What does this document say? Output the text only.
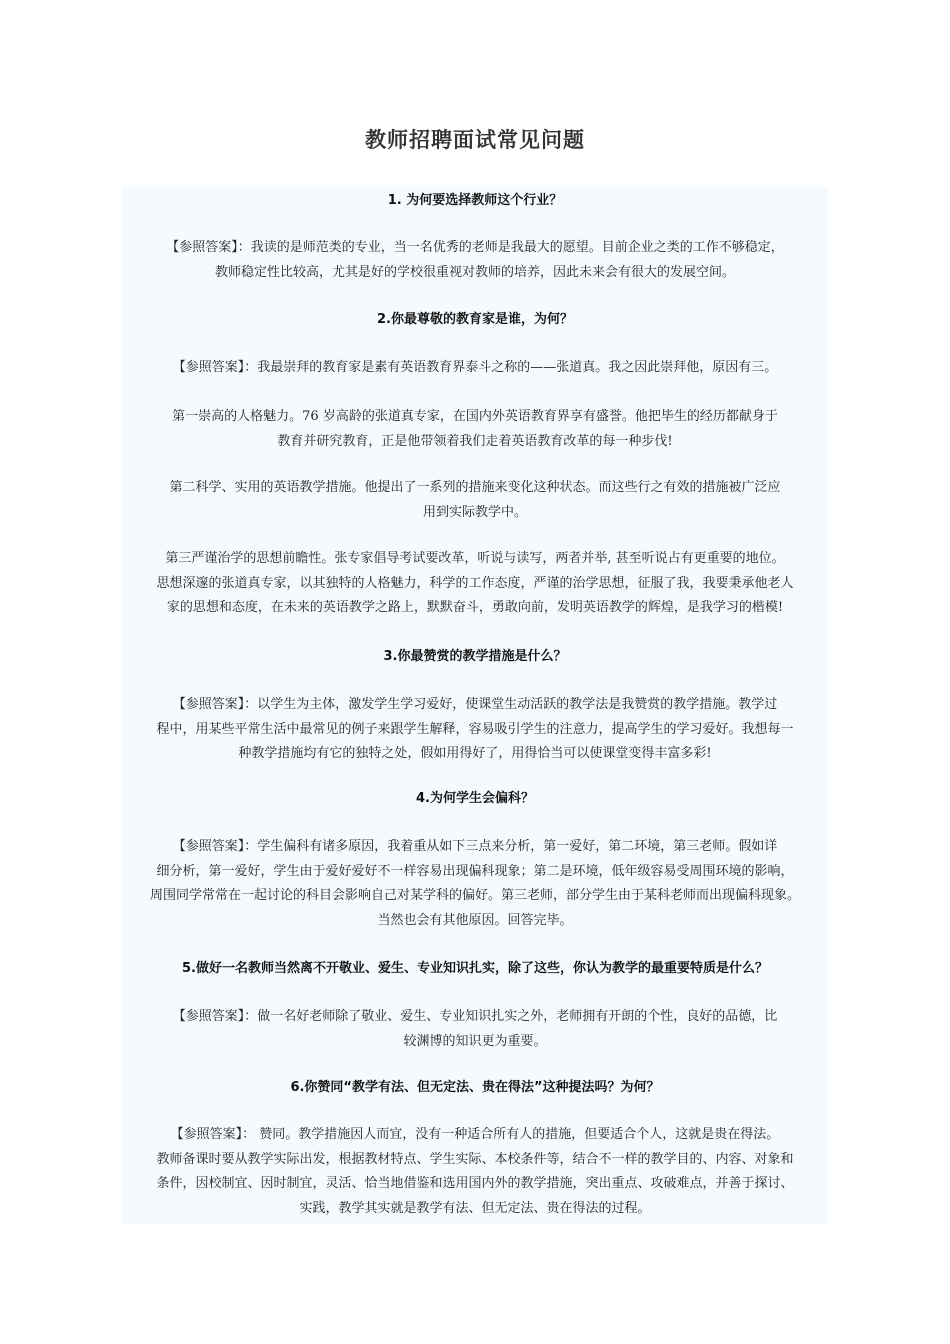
教师招聘面试常见问题
1. 为何要选择教师这个行业？
【参照答案】：我读的是师范类的专业，当一名优秀的老师是我最大的愿望。目前企业之类的工作不够稳定，
教师稳定性比较高，尤其是好的学校很重视对教师的培养，因此未来会有很大的发展空间。
2.你最尊敬的教育家是谁，为何？
【参照答案】：我最崇拜的教育家是素有英语教育界泰斗之称的——张道真。我之因此崇拜他，原因有三。
第一崇高的人格魅力。76 岁高龄的张道真专家，在国内外英语教育界享有盛誉。他把毕生的经历都献身于
教育并研究教育，正是他带领着我们走着英语教育改革的每一种步伐!
第二科学、实用的英语教学措施。他提出了一系列的措施来变化这种状态。而这些行之有效的措施被广泛应
用到实际教学中。
第三严谨治学的思想前瞻性。张专家倡导考试要改革，听说与读写，两者并举, 甚至听说占有更重要的地位。
思想深邃的张道真专家，以其独特的人格魅力，科学的工作态度，严谨的治学思想，征服了我，我要秉承他老人
家的思想和态度，在未来的英语教学之路上，默默奋斗，勇敢向前，发明英语教学的辉煌，是我学习的楷模!
3.你最赞赏的教学措施是什么？
【参照答案】：以学生为主体，激发学生学习爱好，使课堂生动活跃的教学法是我赞赏的教学措施。教学过
程中，用某些平常生活中最常见的例子来跟学生解释，容易吸引学生的注意力，提高学生的学习爱好。我想每一
种教学措施均有它的独特之处，假如用得好了，用得恰当可以使课堂变得丰富多彩!
4.为何学生会偏科？
【参照答案】：学生偏科有诸多原因，我着重从如下三点来分析，第一爱好，第二环境，第三老师。假如详
细分析，第一爱好，学生由于爱好爱好不一样容易出现偏科现象；第二是环境，低年级容易受周围环境的影响，
周围同学常常在一起讨论的科目会影响自己对某学科的偏好。第三老师，部分学生由于某科老师而出现偏科现象。
当然也会有其他原因。回答完毕。
5.做好一名教师当然离不开敬业、爱生、专业知识扎实，除了这些，你认为教学的最重要特质是什么？
【参照答案】：做一名好老师除了敬业、爱生、专业知识扎实之外，老师拥有开朗的个性，良好的品德，比
较渊博的知识更为重要。
6.你赞同“教学有法、但无定法、贵在得法”这种提法吗？为何？
【参照答案】： 赞同。教学措施因人而宜，没有一种适合所有人的措施，但要适合个人，这就是贵在得法。
教师备课时要从教学实际出发，根据教材特点、学生实际、本校条件等，结合不一样的教学目的、内容、对象和
条件，因校制宜、因时制宜，灵活、恰当地借鉴和选用国内外的教学措施，突出重点、攻破难点，并善于探讨、
实践，教学其实就是教学有法、但无定法、贵在得法的过程。
